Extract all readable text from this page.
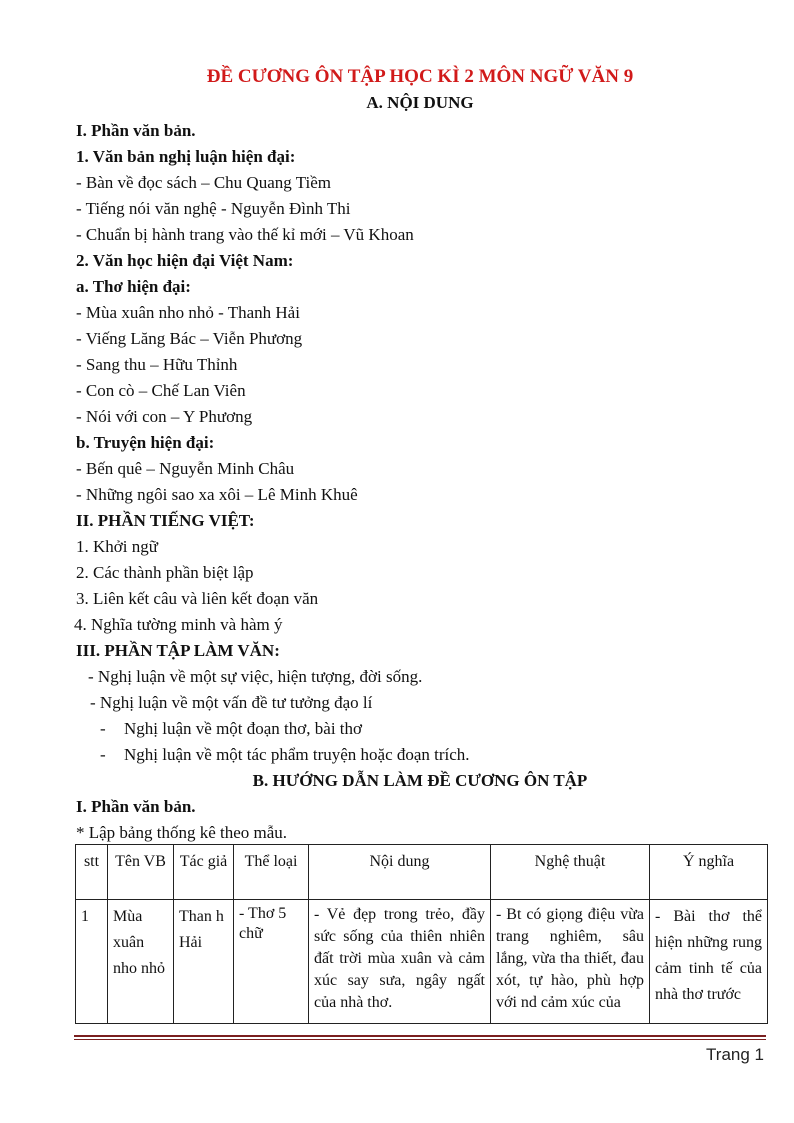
ĐỀ CƯƠNG ÔN TẬP HỌC KÌ 2 MÔN NGỮ VĂN 9
A. NỘI DUNG
I. Phần văn bản.
1. Văn bản nghị luận hiện đại:
- Bàn về đọc sách – Chu Quang Tiềm
- Tiếng nói văn nghệ - Nguyễn Đình Thi
- Chuẩn bị hành trang vào thế kỉ mới – Vũ Khoan
2. Văn học hiện đại Việt Nam:
a. Thơ hiện đại:
- Mùa xuân nho nhỏ - Thanh Hải
- Viếng Lăng Bác – Viễn Phương
- Sang thu – Hữu Thỉnh
- Con cò – Chế Lan Viên
- Nói với con – Y Phương
b. Truyện hiện đại:
- Bến quê – Nguyễn Minh Châu
- Những ngôi sao xa xôi – Lê Minh Khuê
II. PHẦN TIẾNG VIỆT:
1. Khởi ngữ
2. Các thành phần biệt lập
3. Liên kết câu và liên kết đoạn văn
4. Nghĩa tường minh và hàm ý
III. PHẦN TẬP LÀM VĂN:
- Nghị luận về một sự việc, hiện tượng, đời sống.
- Nghị luận về một vấn đề tư tưởng đạo lí
- Nghị luận về một đoạn thơ, bài thơ
- Nghị luận về một tác phẩm truyện hoặc đoạn trích.
B. HƯỚNG DẪN LÀM ĐỀ CƯƠNG ÔN TẬP
I. Phần văn bản.
* Lập bảng thống kê theo mẫu.
stt	Tên VB	Tác giả	Thể loại	Nội dung	Nghệ thuật	Ý nghĩa
1	Mùa xuân nho nhỏ	Than h Hải	- Thơ 5 chữ	- Vẻ đẹp trong trẻo, đầy sức sống của thiên nhiên đất trời mùa xuân và cảm xúc say sưa, ngây ngất của nhà thơ.	- Bt có giọng điệu vừa trang nghiêm, sâu lắng, vừa tha thiết, đau xót, tự hào, phù hợp với nd cảm xúc của	- Bài thơ thể hiện những rung cảm tinh tế của nhà thơ trước
Trang 1
